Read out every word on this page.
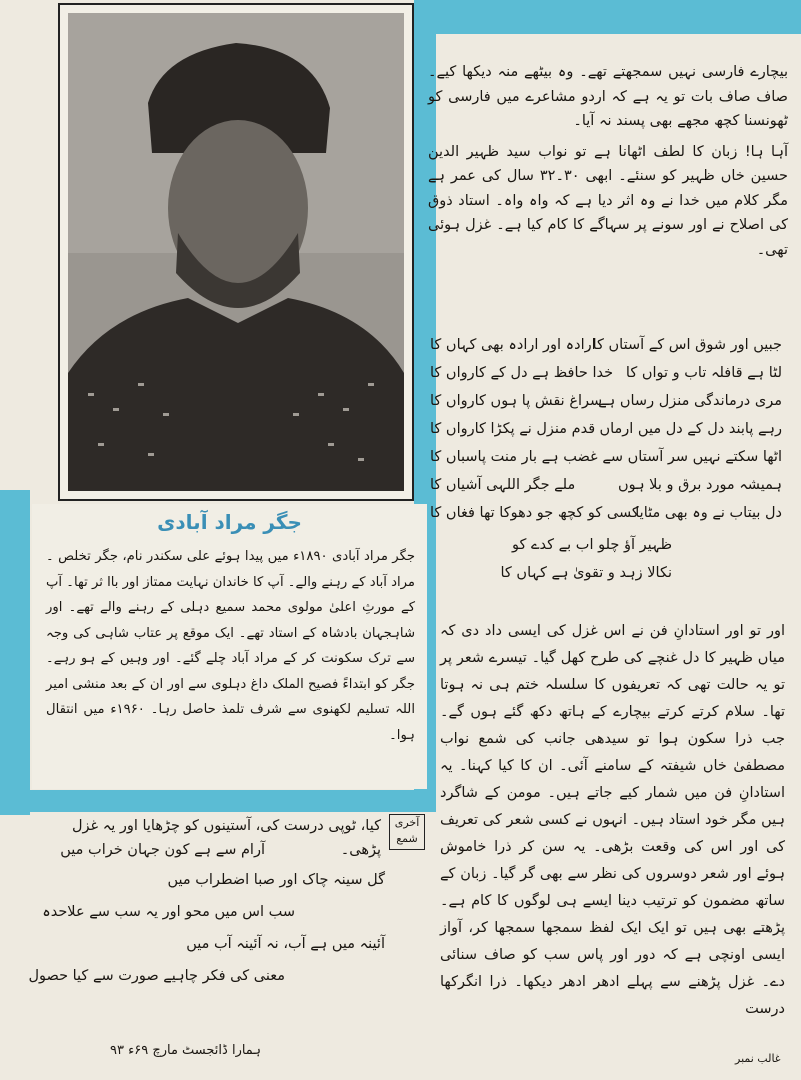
جگر مراد آبادی
جگر مراد آبادی ۱۸۹۰ء میں پیدا ہوئے علی سکندر نام، جگر تخلص ۔ مراد آباد کے رہنے والے۔ آپ کا خاندان نہایت ممتاز اور باا ثر تھا۔ آپ کے مورثِ اعلیٰ مولوی محمد سمیع دہلی کے رہنے والے تھے۔ اور شاہجہان بادشاہ کے استاد تھے۔ ایک موقع پر عتاب شاہی کی وجہ سے ترک سکونت کر کے مراد آباد چلے گئے۔ اور وہیں کے ہو رہے۔ جگر کو ابتداءً فصیح الملک داغ دہلوی سے اور ان کے بعد منشی امیر اللہ تسلیم لکھنوی سے شرف تلمذ حاصل رہا۔ ۱۹۶۰ء میں انتقال ہوا۔

بیچارے فارسی نہیں سمجھتے تھے۔ وہ بیٹھے منہ دیکھا کیے۔ صاف صاف بات تو یہ ہے کہ اردو مشاعرے میں فارسی کو ٹھونسنا کچھ مجھے بھی پسند نہ آیا۔

آہا ہا! زبان کا لطف اٹھانا ہے تو نواب سید ظہیر الدین حسین خاں ظہیر کو سنئے۔ ابھی ۳۰۔۳۲ سال کی عمر ہے مگر کلام میں خدا نے وہ اثر دیا ہے کہ واہ واہ۔ استاد ذوق کی اصلاح نے اور سونے پر سہاگے کا کام کیا ہے۔ غزل ہوئی تھی۔

جبیں اور شوق اس کے آستاں کا
ارادہ اور ارادہ بھی کہاں کا
لٹا ہے قافلہ تاب و تواں کا
خدا حافظ ہے دل کے کارواں کا
مری درماندگی منزل رساں ہے
سراغ نقش پا ہوں کارواں کا
رہے پابند دل کے دل میں ارماں
قدم منزل نے پکڑا کارواں کا
اٹھا سکتے نہیں سر آستاں سے
غضب ہے بار منت پاسباں کا
ہمیشہ مورد برق و بلا ہوں
ملے جگر اللہی آشیاں کا
دل بیتاب نے وہ بھی مٹایا
کسی کو کچھ جو دھوکا تھا فغاں کا
ظہیر آؤ چلو اب بے کدے کو
نکالا زہد و تقویٰ ہے کہاں کا

اور تو اور استادانِ فن نے اس غزل کی ایسی داد دی کہ میاں ظہیر کا دل غنچے کی طرح کھل گیا۔ تیسرے شعر پر تو یہ حالت تھی کہ تعریفوں کا سلسلہ ختم ہی نہ ہوتا تھا۔ سلام کرتے کرتے بیچارے کے ہاتھ دکھ گئے ہوں گے۔ جب ذرا سکون ہوا تو سیدھی جانب کی شمع نواب مصطفیٰ خاں شیفتہ کے سامنے آئی۔ ان کا کیا کہنا۔ یہ استادانِ فن میں شمار کیے جاتے ہیں۔ مومن کے شاگرد ہیں مگر خود استاد ہیں۔ انہوں نے کسی شعر کی تعریف کی اور اس کی وقعت بڑھی۔ یہ سن کر ذرا خاموش ہوئے اور شعر دوسروں کی نظر سے بھی گر گیا۔ زبان کے ساتھ مضمون کو ترتیب دینا ایسے ہی لوگوں کا کام ہے۔ پڑھتے بھی ہیں تو ایک ایک لفظ سمجھا سمجھا کر، آواز ایسی اونچی ہے کہ دور اور پاس سب کو صاف سنائی دے۔ غزل پڑھنے سے پہلے ادھر ادھر دیکھا۔ ذرا انگرکھا درست

آخری شمع
کیا، ٹوپی درست کی، آستینوں کو چڑھایا اور یہ غزل پڑھی۔
آرام سے ہے کون جہان خراب میں
گل سینہ چاک اور صبا اضطراب میں
سب اس میں محو اور یہ سب سے علاحدہ
آئینہ میں ہے آب، نہ آئینہ آب میں
معنی کی فکر چاہیے صورت سے کیا حصول
ہمارا ڈائجسٹ مارچ ۶۹ء ۹۳
غالب نمبر
